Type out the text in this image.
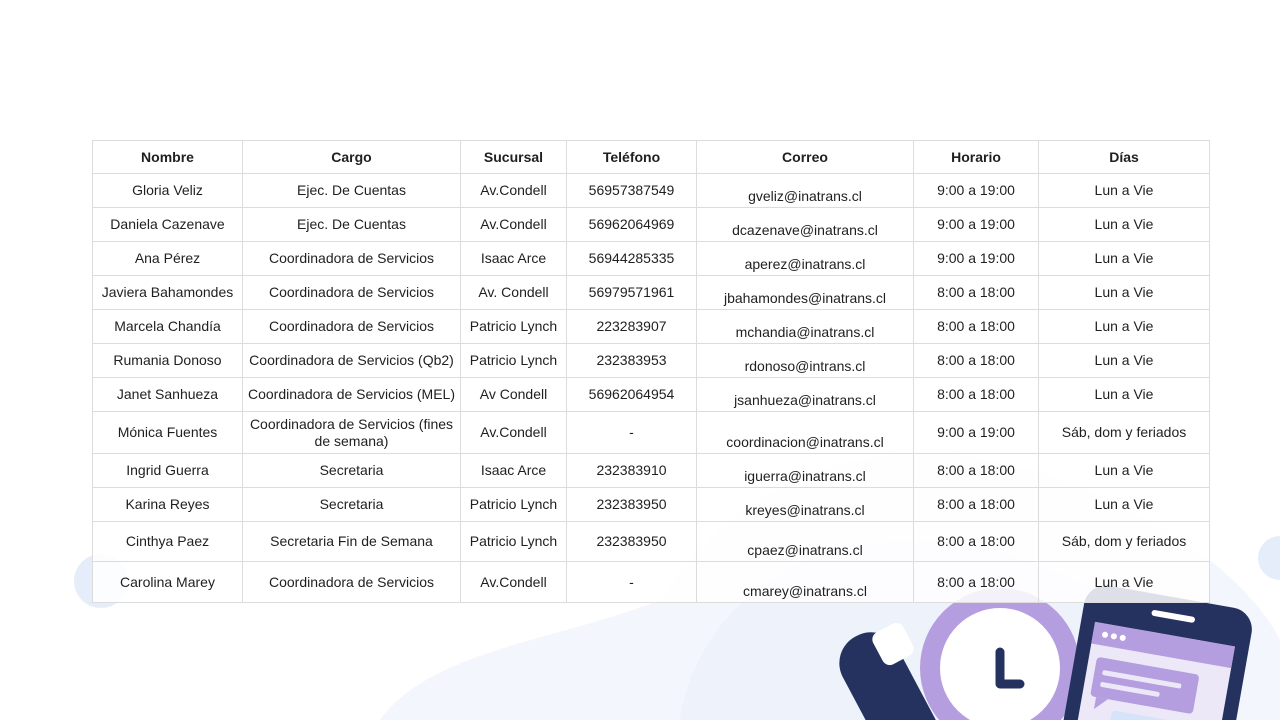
Nombre	Cargo	Sucursal	Teléfono	Correo	Horario	Días
Gloria Veliz	Ejec. De Cuentas	Av.Condell	56957387549	gveliz@inatrans.cl	9:00 a 19:00	Lun a Vie
Daniela Cazenave	Ejec. De Cuentas	Av.Condell	56962064969	dcazenave@inatrans.cl	9:00 a 19:00	Lun a Vie
Ana Pérez	Coordinadora de Servicios	Isaac Arce	56944285335	aperez@inatrans.cl	9:00 a 19:00	Lun a Vie
Javiera Bahamondes	Coordinadora de Servicios	Av. Condell	56979571961	jbahamondes@inatrans.cl	8:00 a 18:00	Lun a Vie
Marcela Chandía	Coordinadora de Servicios	Patricio Lynch	223283907	mchandia@inatrans.cl	8:00 a 18:00	Lun a Vie
Rumania Donoso	Coordinadora de Servicios (Qb2)	Patricio Lynch	232383953	rdonoso@intrans.cl	8:00 a 18:00	Lun a Vie
Janet Sanhueza	Coordinadora de Servicios (MEL)	Av Condell	56962064954	jsanhueza@inatrans.cl	8:00 a 18:00	Lun a Vie
Mónica Fuentes	Coordinadora de Servicios (fines de semana)	Av.Condell	-	coordinacion@inatrans.cl	9:00 a 19:00	Sáb, dom y feriados
Ingrid Guerra	Secretaria	Isaac Arce	232383910	iguerra@inatrans.cl	8:00 a 18:00	Lun a Vie
Karina Reyes	Secretaria	Patricio Lynch	232383950	kreyes@inatrans.cl	8:00 a 18:00	Lun a Vie
Cinthya Paez	Secretaria Fin de Semana	Patricio Lynch	232383950	cpaez@inatrans.cl	8:00 a 18:00	Sáb, dom y feriados
Carolina Marey	Coordinadora de Servicios	Av.Condell	-	cmarey@inatrans.cl	8:00 a 18:00	Lun a Vie
